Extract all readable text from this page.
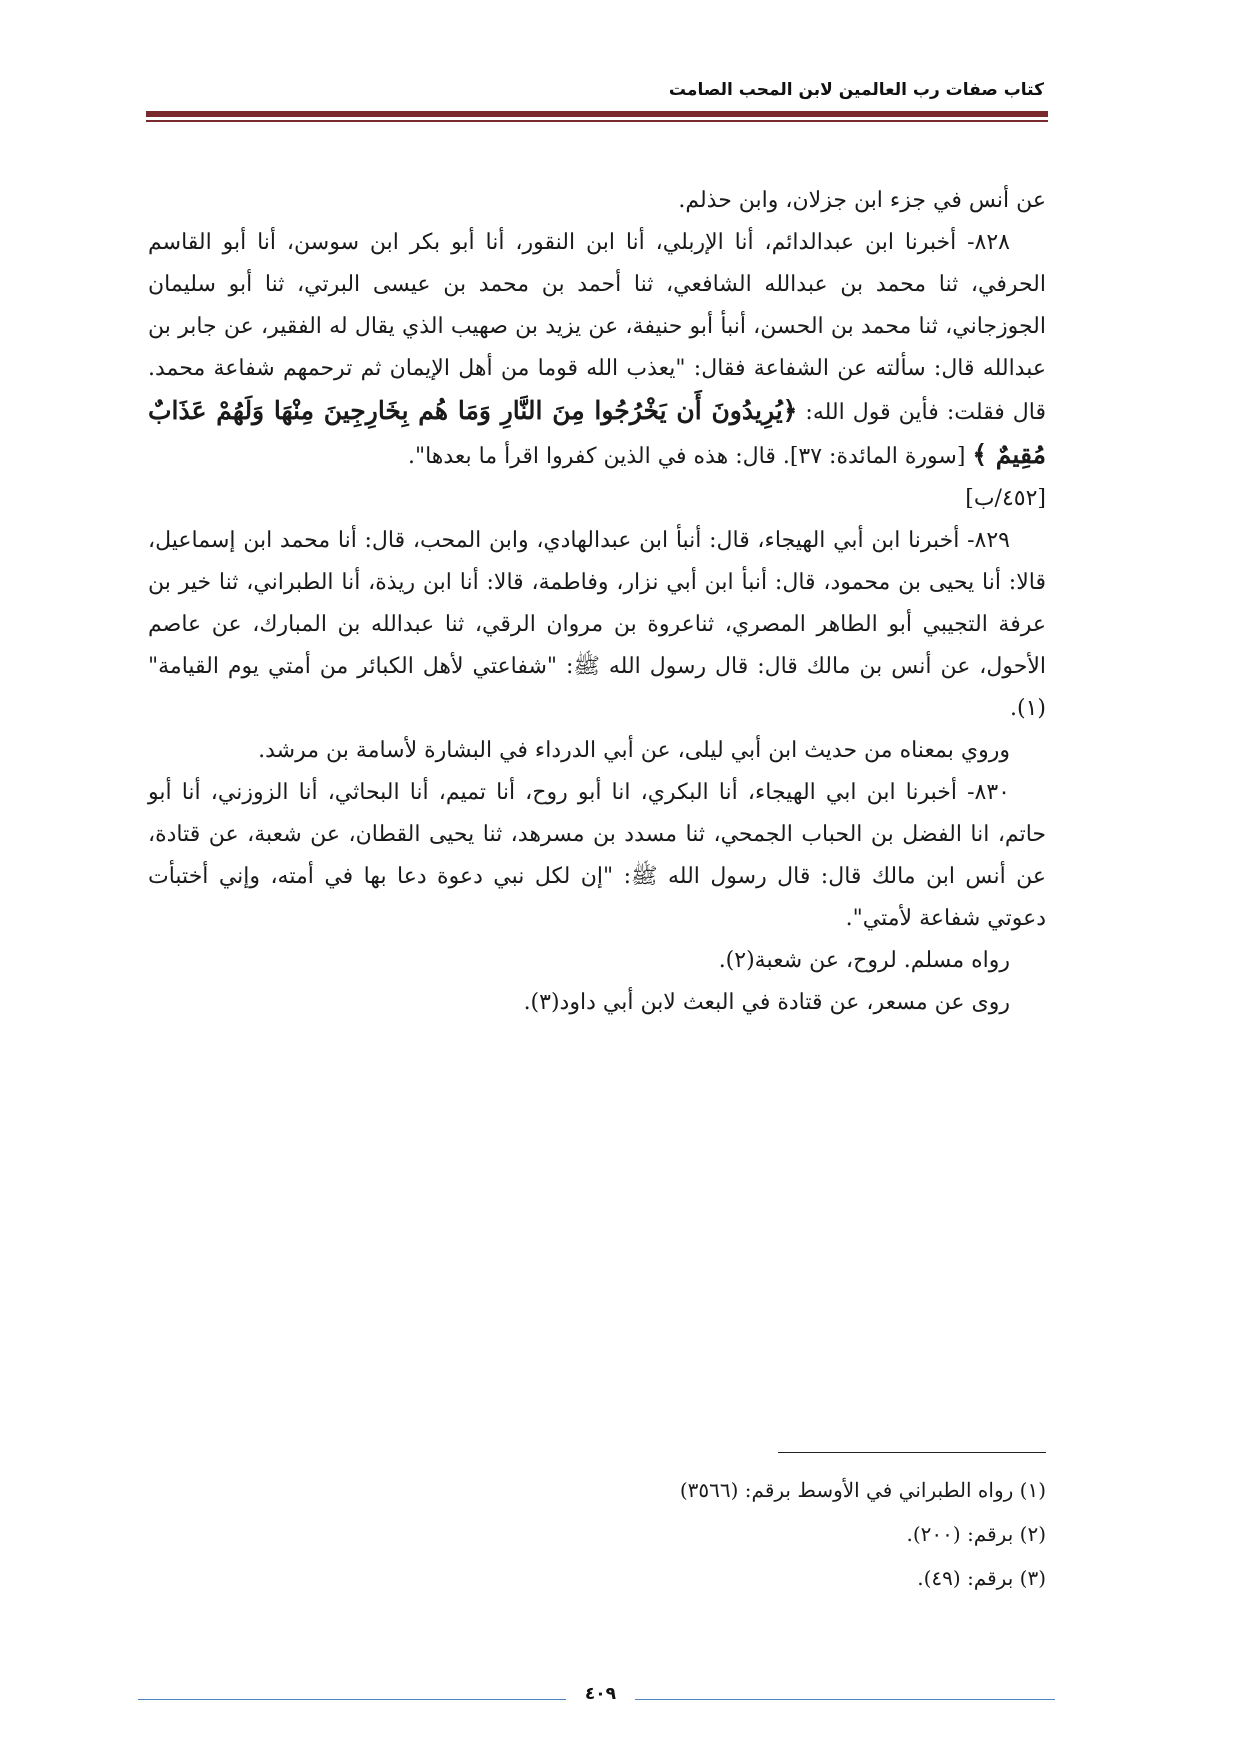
كتاب صفات رب العالمين لابن المحب الصامت

عن أنس في جزء ابن جزلان، وابن حذلم.

٨٢٨- أخبرنا ابن عبدالدائم، أنا الإربلي، أنا ابن النقور، أنا أبو بكر ابن سوسن، أنا أبو القاسم الحرفي، ثنا محمد بن عبدالله الشافعي، ثنا أحمد بن محمد بن عيسى البرتي، ثنا أبو سليمان الجوزجاني، ثنا محمد بن الحسن، أنبأ أبو حنيفة، عن يزيد بن صهيب الذي يقال له الفقير، عن جابر بن عبدالله قال: سألته عن الشفاعة فقال: "يعذب الله قوما من أهل الإيمان ثم ترحمهم شفاعة محمد. قال فقلت: فأين قول الله: ﴿يُرِيدُونَ أَن يَخْرُجُوا مِنَ النَّارِ وَمَا هُم بِخَارِجِينَ مِنْهَا وَلَهُمْ عَذَابٌ مُقِيمٌ ﴾ [سورة المائدة: ٣٧]. قال: هذه في الذين كفروا اقرأ ما بعدها".

[٤٥٢/ب]

٨٢٩- أخبرنا ابن أبي الهيجاء، قال: أنبأ ابن عبدالهادي، وابن المحب، قال: أنا محمد ابن إسماعيل، قالا: أنا يحيى بن محمود، قال: أنبأ ابن أبي نزار، وفاطمة، قالا: أنا ابن ريذة، أنا الطبراني، ثنا خير بن عرفة التجيبي أبو الطاهر المصري، ثناعروة بن مروان الرقي، ثنا عبدالله بن المبارك، عن عاصم الأحول، عن أنس بن مالك قال: قال رسول الله ﷺ: "شفاعتي لأهل الكبائر من أمتي يوم القيامة"(١).

وروي بمعناه من حديث ابن أبي ليلى، عن أبي الدرداء في البشارة لأسامة بن مرشد.

٨٣٠- أخبرنا ابن ابي الهيجاء، أنا البكري، انا أبو روح، أنا تميم، أنا البحاثي، أنا الزوزني، أنا أبو حاتم، انا الفضل بن الحباب الجمحي، ثنا مسدد بن مسرهد، ثنا يحيى القطان، عن شعبة، عن قتادة، عن أنس ابن مالك قال: قال رسول الله ﷺ: "إن لكل نبي دعوة دعا بها في أمته، وإني أختبأت دعوتي شفاعة لأمتي".

رواه مسلم. لروح، عن شعبة(٢).

روى عن مسعر، عن قتادة في البعث لابن أبي داود(٣).

(١) رواه الطبراني في الأوسط برقم: (٣٥٦٦)

(٢) برقم: (٢٠٠).

(٣) برقم: (٤٩).

٤٠٩
